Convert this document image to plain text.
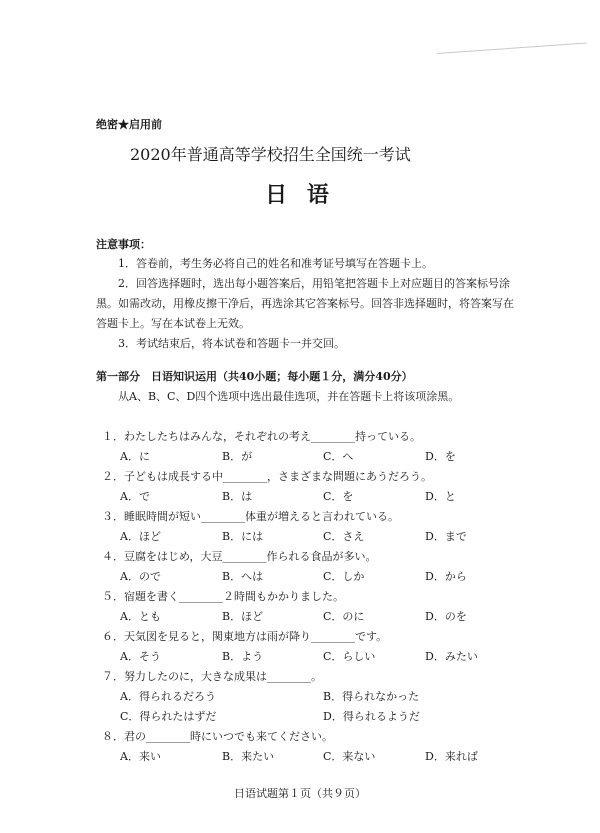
绝密★启用前
2020年普通高等学校招生全国统一考试
日 语
注意事项：
1．答卷前，考生务必将自己的姓名和准考证号填写在答题卡上。
2．回答选择题时，选出每小题答案后，用铅笔把答题卡上对应题目的答案标号涂黑。如需改动，用橡皮擦干净后，再选涂其它答案标号。回答非选择题时，将答案写在答题卡上。写在本试卷上无效。
3．考试结束后，将本试卷和答题卡一并交回。
第一部分　日语知识运用（共40小题；每小题１分，满分40分）
从A、B、C、D四个选项中选出最佳选项，并在答题卡上将该项涂黑。
１．わたしたちはみんな，それぞれの考え________持っている。
A．に	B．が	C．へ	D．を
２．子どもは成長する中________，さまざまな問題にあうだろう。
A．で	B．は	C．を	D．と
３．睡眠時間が短い________体重が増えると言われている。
A．ほど	B．には	C．さえ	D．まで
４．豆腐をはじめ，大豆________作られる食品が多い。
A．ので	B．へは	C．しか	D．から
５．宿題を書く________２時間もかかりました。
A．とも	B．ほど	C．のに	D．のを
６．天気図を見ると，関東地方は雨が降り________です。
A．そう	B．よう	C．らしい	D．みたい
７．努力したのに，大きな成果は________。
A．得られるだろう	B．得られなかった
C．得られたはずだ	D．得られるようだ
８．君の________時にいつでも来てください。
A．来い	B．来たい	C．来ない	D．来れば
日语试题第１页（共９页）
